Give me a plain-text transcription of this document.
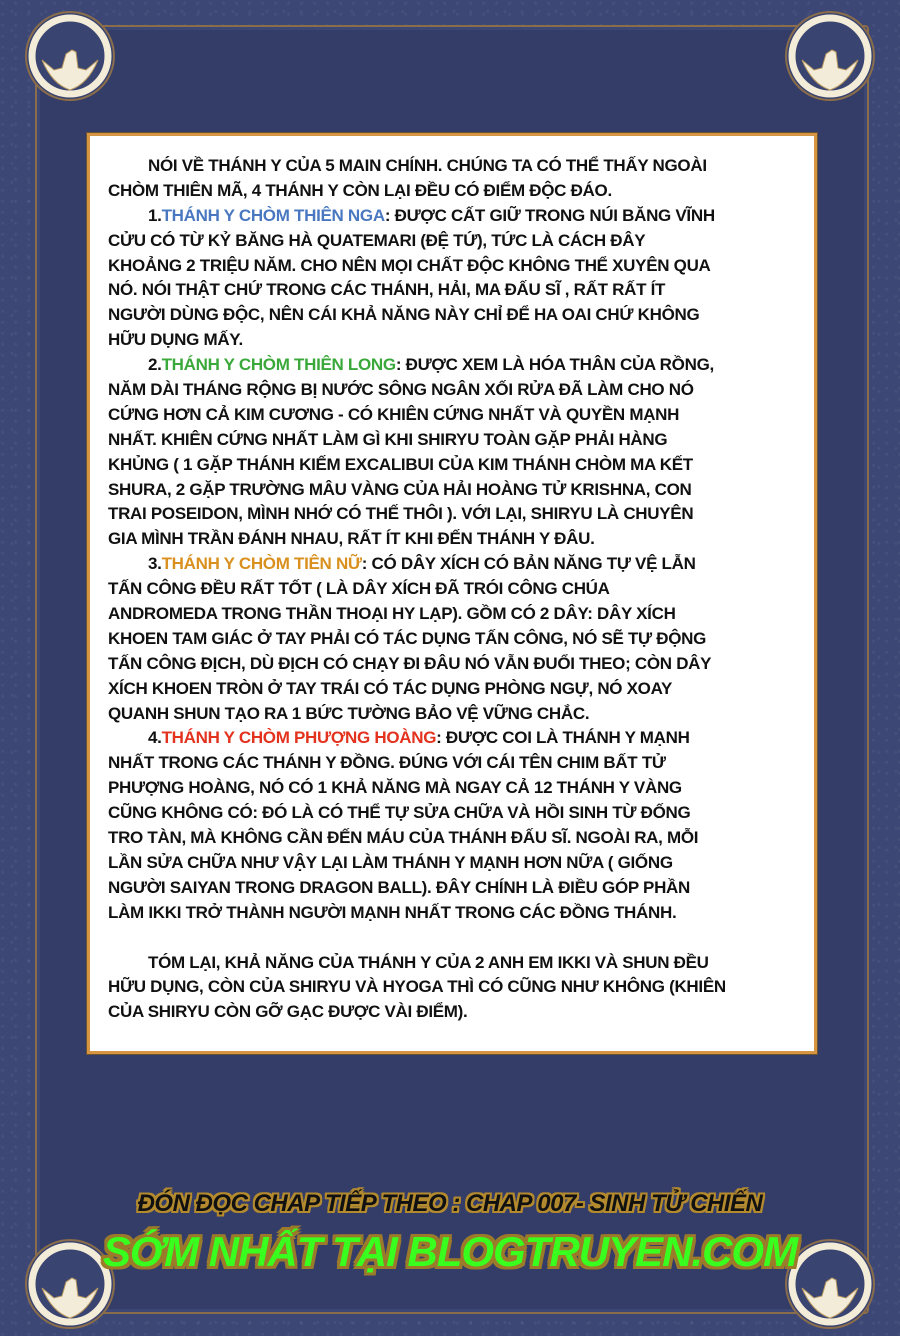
NÓI VỀ THÁNH Y CỦA 5 MAIN CHÍNH. CHÚNG TA CÓ THỂ THẤY NGOÀI
CHÒM THIÊN MÃ, 4 THÁNH Y CÒN LẠI ĐỀU CÓ ĐIỂM ĐỘC ĐÁO.
1.THÁNH Y CHÒM THIÊN NGA: ĐƯỢC CẤT GIỮ TRONG NÚI BĂNG VĨNH
CỬU CÓ TỪ KỶ BĂNG HÀ QUATEMARI (ĐỆ TỨ), TỨC LÀ CÁCH ĐÂY
KHOẢNG 2 TRIỆU NĂM. CHO NÊN MỌI CHẤT ĐỘC KHÔNG THỂ XUYÊN QUA
NÓ. NÓI THẬT CHỨ TRONG CÁC THÁNH, HẢI, MA ĐẤU SĨ , RẤT RẤT ÍT
NGƯỜI DÙNG ĐỘC, NÊN CÁI KHẢ NĂNG NÀY CHỈ ĐỂ HA OAI CHỨ KHÔNG
HỮU DỤNG MẤY.
2.THÁNH Y CHÒM THIÊN LONG: ĐƯỢC XEM LÀ HÓA THÂN CỦA RỒNG,
NĂM DÀI THÁNG RỘNG BỊ NƯỚC SÔNG NGÂN XỐI RỬA ĐÃ LÀM CHO NÓ
CỨNG HƠN CẢ KIM CƯƠNG - CÓ KHIÊN CỨNG NHẤT VÀ QUYỀN MẠNH
NHẤT. KHIÊN CỨNG NHẤT LÀM GÌ KHI SHIRYU TOÀN GẶP PHẢI HÀNG
KHỦNG ( 1 GẶP THÁNH KIẾM EXCALIBUI CỦA KIM THÁNH CHÒM MA KẾT
SHURA, 2 GẶP TRƯỜNG MÂU VÀNG CỦA HẢI HOÀNG TỬ KRISHNA, CON
TRAI POSEIDON, MÌNH NHỚ CÓ THẾ THÔI ). VỚI LẠI, SHIRYU LÀ CHUYÊN
GIA MÌNH TRẦN ĐÁNH NHAU, RẤT ÍT KHI ĐẾN THÁNH Y ĐÂU.
3.THÁNH Y CHÒM TIÊN NỮ: CÓ DÂY XÍCH CÓ BẢN NĂNG TỰ VỆ LẪN
TẤN CÔNG ĐỀU RẤT TỐT ( LÀ DÂY XÍCH ĐÃ TRÓI CÔNG CHÚA
ANDROMEDA TRONG THẦN THOẠI HY LẠP). GỒM CÓ 2 DÂY: DÂY XÍCH
KHOEN TAM GIÁC Ở TAY PHẢI CÓ TÁC DỤNG TẤN CÔNG, NÓ SẼ TỰ ĐỘNG
TẤN CÔNG ĐỊCH, DÙ ĐỊCH CÓ CHẠY ĐI ĐÂU NÓ VẪN ĐUỔI THEO; CÒN DÂY
XÍCH KHOEN TRÒN Ở TAY TRÁI CÓ TÁC DỤNG PHÒNG NGỰ, NÓ XOAY
QUANH SHUN TẠO RA 1 BỨC TƯỜNG BẢO VỆ VỮNG CHẮC.
4.THÁNH Y CHÒM PHƯỢNG HOÀNG: ĐƯỢC COI LÀ THÁNH Y MẠNH
NHẤT TRONG CÁC THÁNH Y ĐỒNG. ĐÚNG VỚI CÁI TÊN CHIM BẤT TỬ
PHƯỢNG HOÀNG, NÓ CÓ 1 KHẢ NĂNG MÀ NGAY CẢ 12 THÁNH Y VÀNG
CŨNG KHÔNG CÓ: ĐÓ LÀ CÓ THỂ TỰ SỬA CHỮA VÀ HỒI SINH TỪ ĐỐNG
TRO TÀN, MÀ KHÔNG CẦN ĐẾN MÁU CỦA THÁNH ĐẤU SĨ. NGOÀI RA, MỖI
LẦN SỬA CHỮA NHƯ VẬY LẠI LÀM THÁNH Y MẠNH HƠN NỮA ( GIỐNG
NGƯỜI SAIYAN TRONG DRAGON BALL). ĐÂY CHÍNH LÀ ĐIỀU GÓP PHẦN
LÀM IKKI TRỞ THÀNH NGƯỜI MẠNH NHẤT TRONG CÁC ĐỒNG THÁNH.
TÓM LẠI, KHẢ NĂNG CỦA THÁNH Y CỦA 2 ANH EM IKKI VÀ SHUN ĐỀU
HỮU DỤNG, CÒN CỦA SHIRYU VÀ HYOGA THÌ CÓ CŨNG NHƯ KHÔNG (KHIÊN
CỦA SHIRYU CÒN GỠ GẠC ĐƯỢC VÀI ĐIỂM).
ĐÓN ĐỌC CHAP TIẾP THEO : CHAP 007- SINH TỬ CHIẾN
SỚM NHẤT TẠI BLOGTRUYEN.COM
